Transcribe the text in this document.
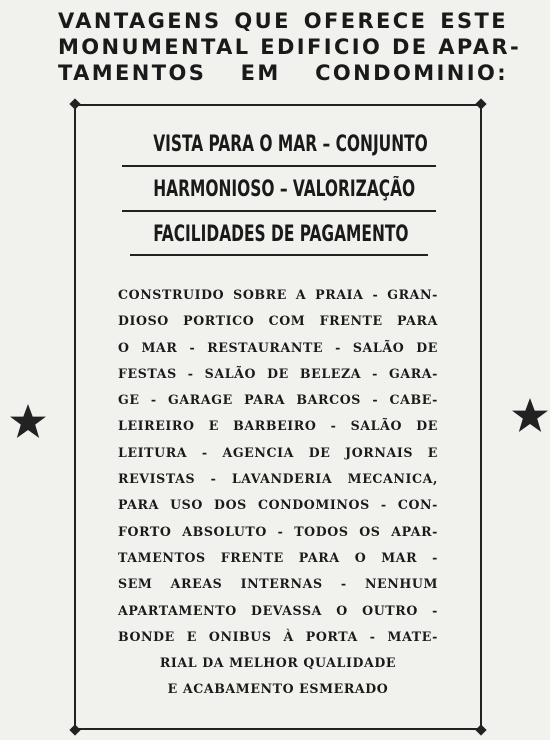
VANTAGENS QUE OFERECE ESTE
MONUMENTAL EDIFICIO DE APAR-
TAMENTOS EM CONDOMINIO:
VISTA PARA O MAR – CONJUNTO
HARMONIOSO – VALORIZAÇÃO
FACILIDADES DE PAGAMENTO
CONSTRUIDO SOBRE A PRAIA - GRAN-
DIOSO PORTICO COM FRENTE PARA
O MAR - RESTAURANTE - SALÃO DE
FESTAS - SALÃO DE BELEZA - GARA-
GE - GARAGE PARA BARCOS - CABE-
LEIREIRO E BARBEIRO - SALÃO DE
LEITURA - AGENCIA DE JORNAIS E
REVISTAS - LAVANDERIA MECANICA,
PARA USO DOS CONDOMINOS - CON-
FORTO ABSOLUTO - TODOS OS APAR-
TAMENTOS FRENTE PARA O MAR -
SEM AREAS INTERNAS - NENHUM
APARTAMENTO DEVASSA O OUTRO -
BONDE E ONIBUS À PORTA - MATE-
RIAL DA MELHOR QUALIDADE
E ACABAMENTO ESMERADO
